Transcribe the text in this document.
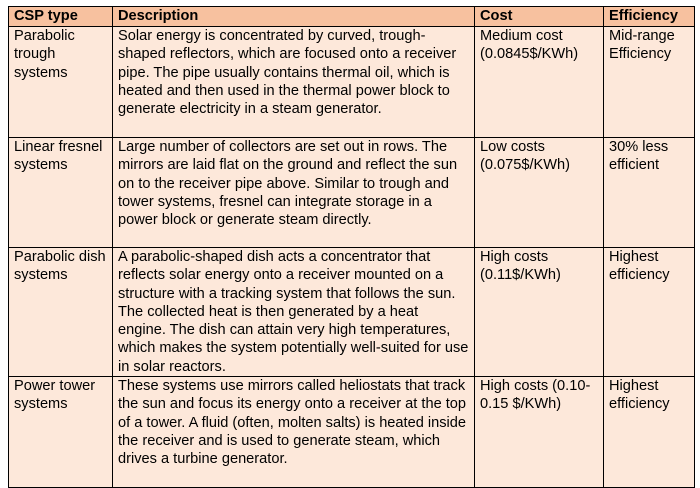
CSP type	Description	Cost	Efficiency
Parabolic trough systems	Solar energy is concentrated by curved, trough-shaped reflectors, which are focused onto a receiver pipe. The pipe usually contains thermal oil, which is heated and then used in the thermal power block to generate electricity in a steam generator.	Medium cost (0.0845$/KWh)	Mid-range Efficiency
Linear fresnel systems	Large number of collectors are set out in rows. The mirrors are laid flat on the ground and reflect the sun on to the receiver pipe above. Similar to trough and tower systems, fresnel can integrate storage in a power block or generate steam directly.	Low costs (0.075$/KWh)	30% less efficient
Parabolic dish systems	A parabolic-shaped dish acts a concentrator that reflects solar energy onto a receiver mounted on a structure with a tracking system that follows the sun. The collected heat is then generated by a heat engine. The dish can attain very high temperatures, which makes the system potentially well-suited for use in solar reactors.	High costs (0.11$/KWh)	Highest efficiency
Power tower systems	These systems use mirrors called heliostats that track the sun and focus its energy onto a receiver at the top of a tower. A fluid (often, molten salts) is heated inside the receiver and is used to generate steam, which drives a turbine generator.	High costs (0.10- 0.15 $/KWh)	Highest efficiency
